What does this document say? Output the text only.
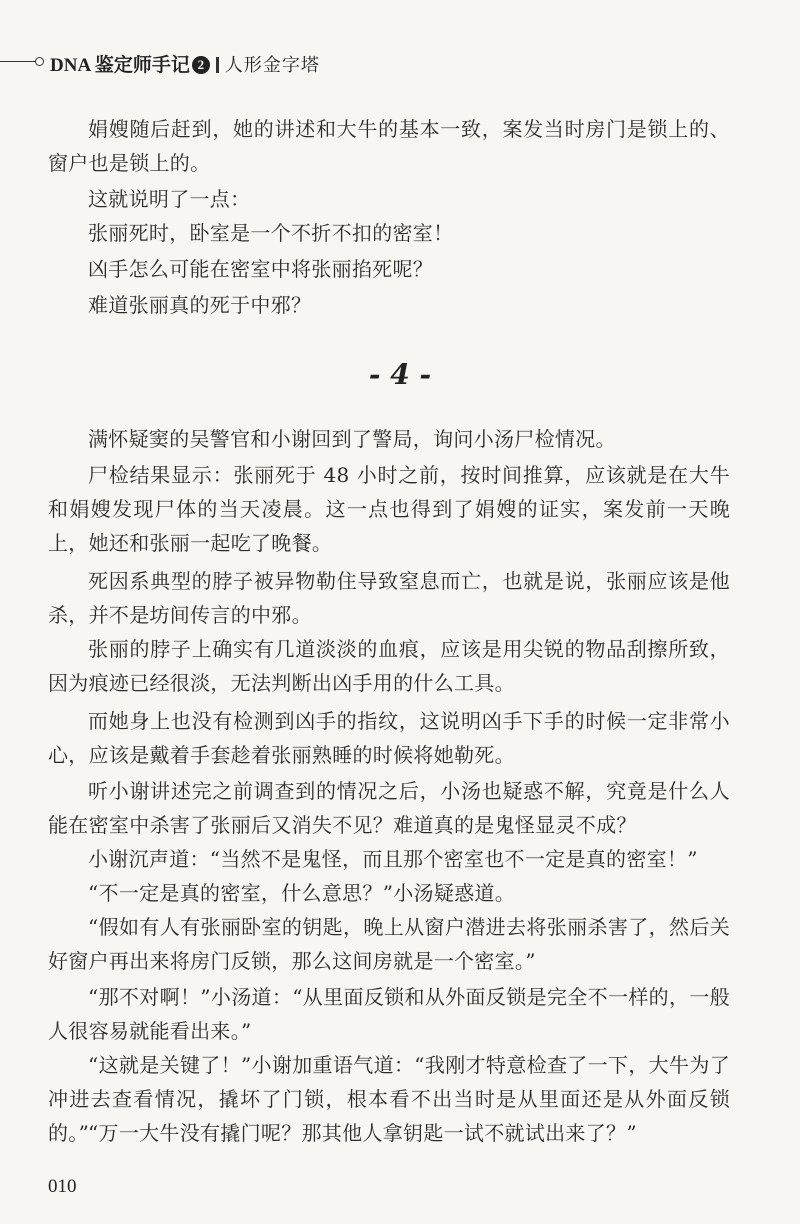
DNA 鉴定师手记 2 人形金字塔

娟嫂随后赶到，她的讲述和大牛的基本一致，案发当时房门是锁上的、窗户也是锁上的。

这就说明了一点：

张丽死时，卧室是一个不折不扣的密室！

凶手怎么可能在密室中将张丽掐死呢？

难道张丽真的死于中邪？

- 4 -

满怀疑窦的吴警官和小谢回到了警局，询问小汤尸检情况。

尸检结果显示：张丽死于 48 小时之前，按时间推算，应该就是在大牛和娟嫂发现尸体的当天凌晨。这一点也得到了娟嫂的证实，案发前一天晚上，她还和张丽一起吃了晚餐。

死因系典型的脖子被异物勒住导致窒息而亡，也就是说，张丽应该是他杀，并不是坊间传言的中邪。

张丽的脖子上确实有几道淡淡的血痕，应该是用尖锐的物品刮擦所致，因为痕迹已经很淡，无法判断出凶手用的什么工具。

而她身上也没有检测到凶手的指纹，这说明凶手下手的时候一定非常小心，应该是戴着手套趁着张丽熟睡的时候将她勒死。

听小谢讲述完之前调查到的情况之后，小汤也疑惑不解，究竟是什么人能在密室中杀害了张丽后又消失不见？难道真的是鬼怪显灵不成？

小谢沉声道：“当然不是鬼怪，而且那个密室也不一定是真的密室！”

“不一定是真的密室，什么意思？”小汤疑惑道。

“假如有人有张丽卧室的钥匙，晚上从窗户潜进去将张丽杀害了，然后关好窗户再出来将房门反锁，那么这间房就是一个密室。”

“那不对啊！”小汤道：“从里面反锁和从外面反锁是完全不一样的，一般人很容易就能看出来。”

“这就是关键了！”小谢加重语气道：“我刚才特意检查了一下，大牛为了冲进去查看情况，撬坏了门锁，根本看不出当时是从里面还是从外面反锁的。”

“万一大牛没有撬门呢？那其他人拿钥匙一试不就试出来了？”

010
